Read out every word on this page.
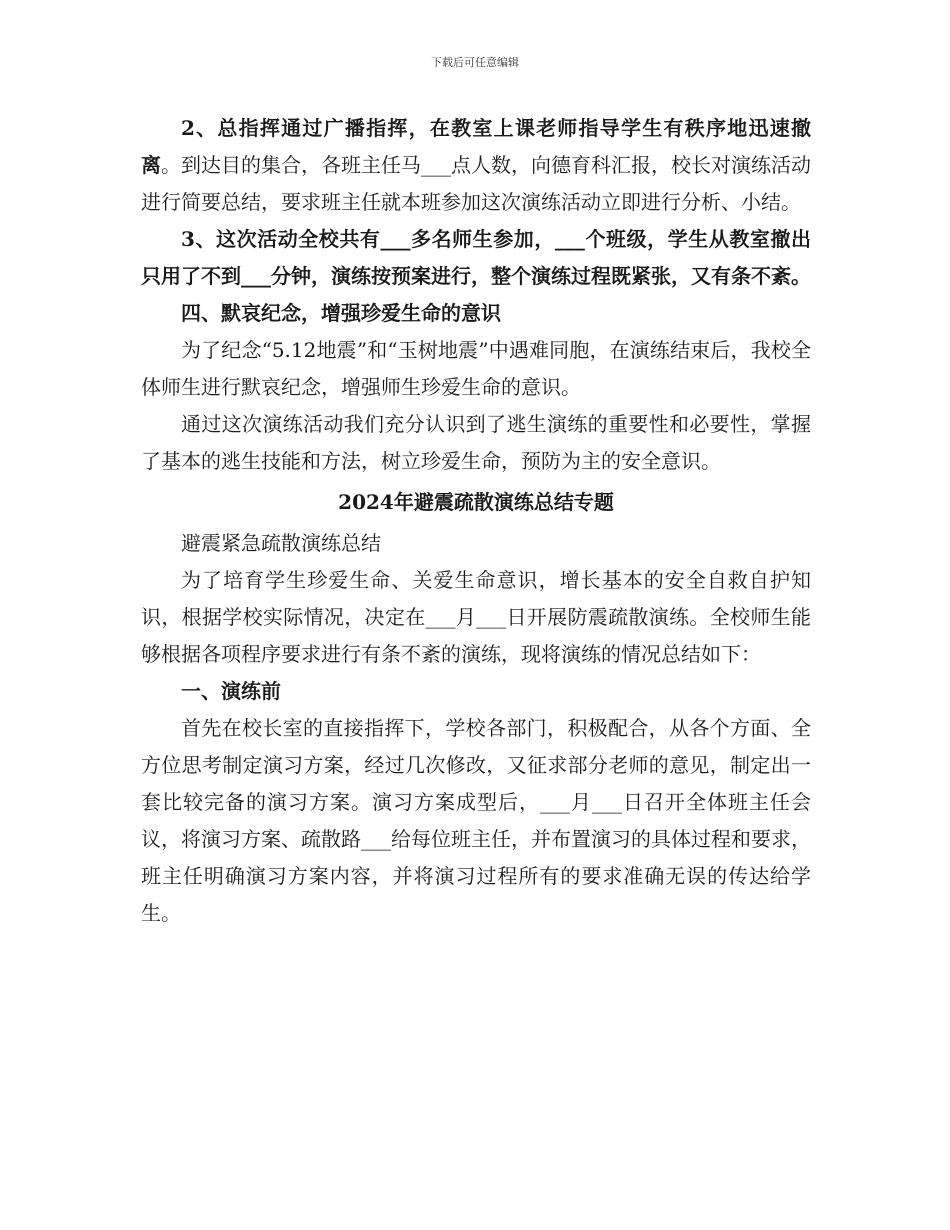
下载后可任意编辑

2、总指挥通过广播指挥，在教室上课老师指导学生有秩序地迅速撤离。到达目的集合，各班主任马___点人数，向德育科汇报，校长对演练活动进行简要总结，要求班主任就本班参加这次演练活动立即进行分析、小结。

3、这次活动全校共有___多名师生参加，___个班级，学生从教室撤出只用了不到___分钟，演练按预案进行，整个演练过程既紧张，又有条不紊。

四、默哀纪念，增强珍爱生命的意识

为了纪念“5.12地震”和“玉树地震”中遇难同胞，在演练结束后，我校全体师生进行默哀纪念，增强师生珍爱生命的意识。

通过这次演练活动我们充分认识到了逃生演练的重要性和必要性，掌握了基本的逃生技能和方法，树立珍爱生命，预防为主的安全意识。

2024年避震疏散演练总结专题

避震紧急疏散演练总结

为了培育学生珍爱生命、关爱生命意识，增长基本的安全自救自护知识，根据学校实际情况，决定在___月___日开展防震疏散演练。全校师生能够根据各项程序要求进行有条不紊的演练，现将演练的情况总结如下：

一、演练前

首先在校长室的直接指挥下，学校各部门，积极配合，从各个方面、全方位思考制定演习方案，经过几次修改，又征求部分老师的意见，制定出一套比较完备的演习方案。演习方案成型后，___月___日召开全体班主任会议，将演习方案、疏散路___给每位班主任，并布置演习的具体过程和要求，班主任明确演习方案内容，并将演习过程所有的要求准确无误的传达给学生。
